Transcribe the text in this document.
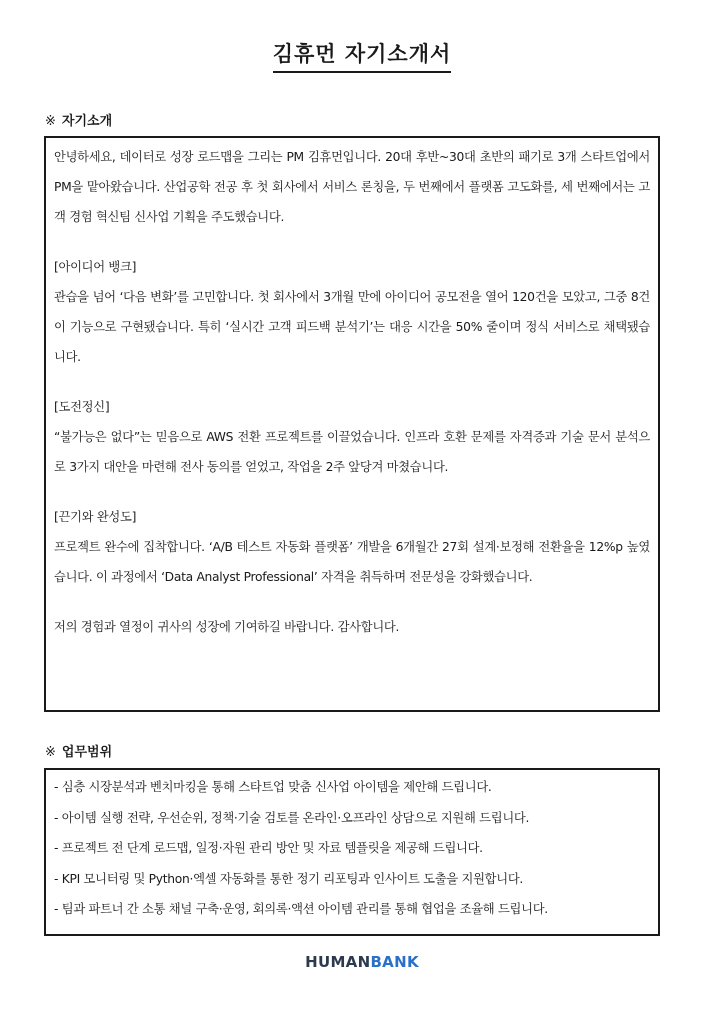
김휴먼 자기소개서
※ 자기소개

안녕하세요, 데이터로 성장 로드맵을 그리는 PM 김휴먼입니다. 20대 후반~30대 초반의 패기로 3개 스타트업에서 PM을 맡아왔습니다. 산업공학 전공 후 첫 회사에서 서비스 론칭을, 두 번째에서 플랫폼 고도화를, 세 번째에서는 고객 경험 혁신팀 신사업 기획을 주도했습니다.

[아이디어 뱅크]

관습을 넘어 ‘다음 변화’를 고민합니다. 첫 회사에서 3개월 만에 아이디어 공모전을 열어 120건을 모았고, 그중 8건이 기능으로 구현됐습니다. 특히 ‘실시간 고객 피드백 분석기’는 대응 시간을 50% 줄이며 정식 서비스로 채택됐습니다.

[도전정신]

“불가능은 없다”는 믿음으로 AWS 전환 프로젝트를 이끌었습니다. 인프라 호환 문제를 자격증과 기술 문서 분석으로 3가지 대안을 마련해 전사 동의를 얻었고, 작업을 2주 앞당겨 마쳤습니다.

[끈기와 완성도]

프로젝트 완수에 집착합니다. ‘A/B 테스트 자동화 플랫폼’ 개발을 6개월간 27회 설계·보정해 전환율을 12%p 높였습니다. 이 과정에서 ‘Data Analyst Professional’ 자격을 취득하며 전문성을 강화했습니다.

저의 경험과 열정이 귀사의 성장에 기여하길 바랍니다. 감사합니다.

※ 업무범위

- 심층 시장분석과 벤치마킹을 통해 스타트업 맞춤 신사업 아이템을 제안해 드립니다.

- 아이템 실행 전략, 우선순위, 정책·기술 검토를 온라인·오프라인 상담으로 지원해 드립니다.

- 프로젝트 전 단계 로드맵, 일정·자원 관리 방안 및 자료 템플릿을 제공해 드립니다.

- KPI 모니터링 및 Python·엑셀 자동화를 통한 정기 리포팅과 인사이트 도출을 지원합니다.

- 팀과 파트너 간 소통 채널 구축·운영, 회의록·액션 아이템 관리를 통해 협업을 조율해 드립니다.

HUMANBANK
